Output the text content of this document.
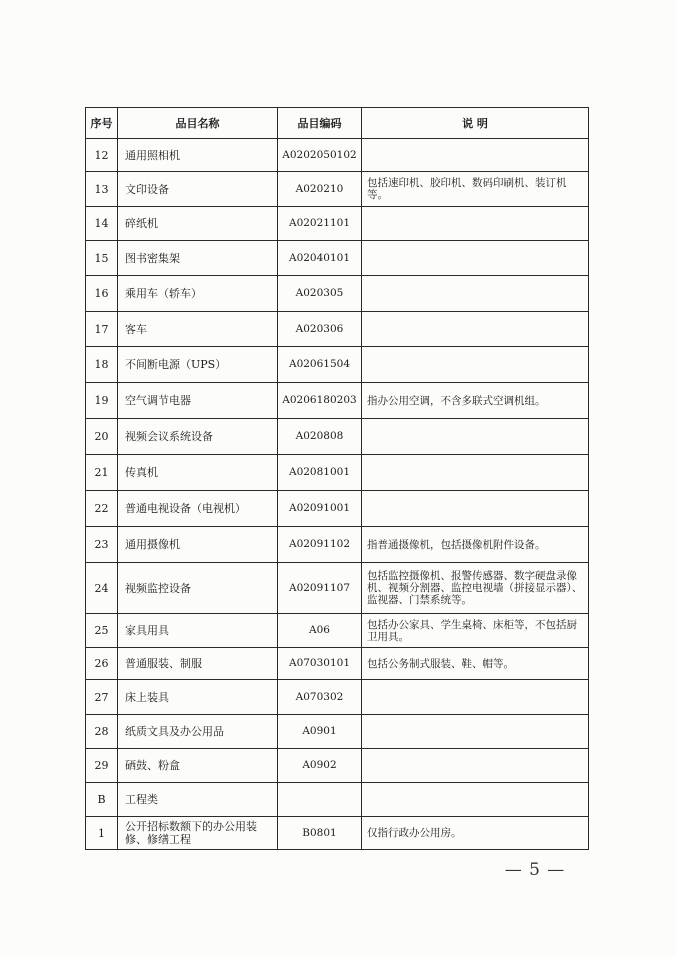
序号	品目名称	品目编码	说 明
12	通用照相机	A0202050102	
13	文印设备	A020210	包括速印机、胶印机、数码印刷机、装订机等。
14	碎纸机	A02021101	
15	图书密集架	A02040101	
16	乘用车（轿车）	A020305	
17	客车	A020306	
18	不间断电源（UPS）	A02061504	
19	空气调节电器	A0206180203	指办公用空调，不含多联式空调机组。
20	视频会议系统设备	A020808	
21	传真机	A02081001	
22	普通电视设备（电视机）	A02091001	
23	通用摄像机	A02091102	指普通摄像机，包括摄像机附件设备。
24	视频监控设备	A02091107	包括监控摄像机、报警传感器、数字硬盘录像机、视频分割器、监控电视墙（拼接显示器）、监视器、门禁系统等。
25	家具用具	A06	包括办公家具、学生桌椅、床柜等，不包括厨卫用具。
26	普通服装、制服	A07030101	包括公务制式服装、鞋、帽等。
27	床上装具	A070302	
28	纸质文具及办公用品	A0901	
29	硒鼓、粉盒	A0902	
B	工程类		
1	公开招标数额下的办公用装修、修缮工程	B0801	仅指行政办公用房。
— 5 —
